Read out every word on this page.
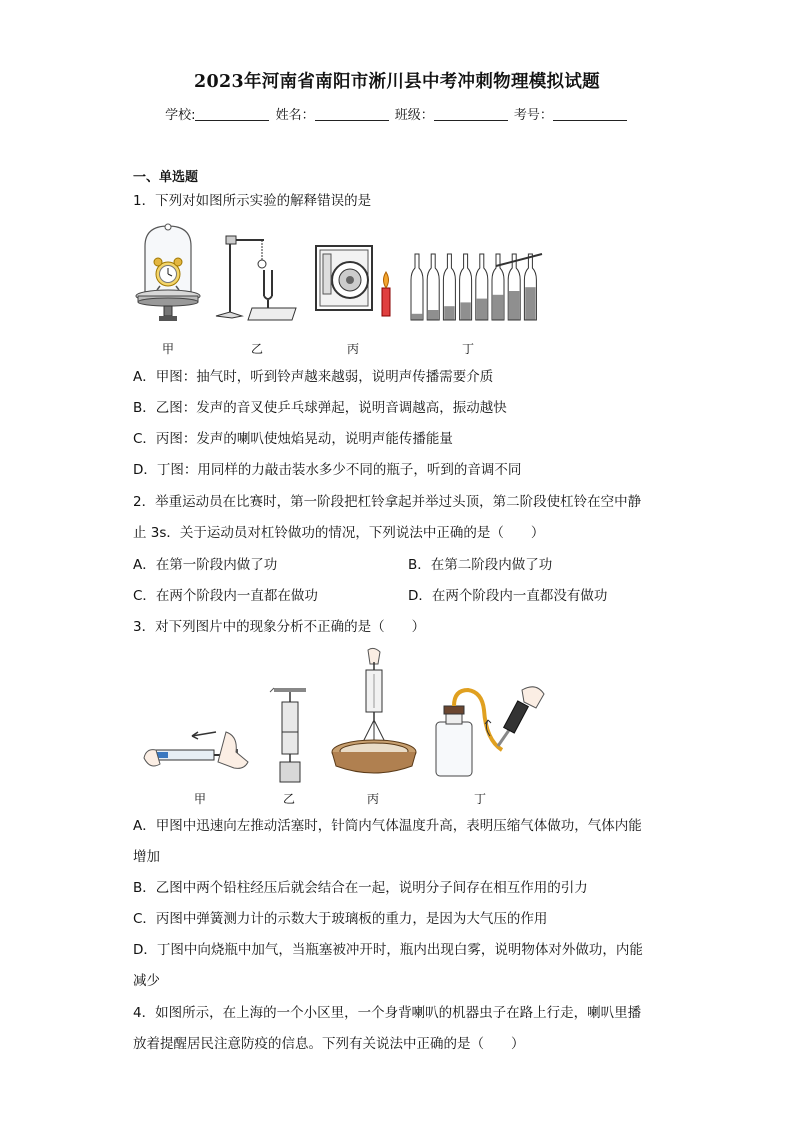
2023年河南省南阳市淅川县中考冲刺物理模拟试题
学校:	姓名：	班级：	考号：
一、单选题
1．下列对如图所示实验的解释错误的是
甲	乙	丙	丁
A．甲图：抽气时，听到铃声越来越弱，说明声传播需要介质
B．乙图：发声的音叉使乒乓球弹起，说明音调越高，振动越快
C．丙图：发声的喇叭使烛焰晃动，说明声能传播能量
D．丁图：用同样的力敲击装水多少不同的瓶子，听到的音调不同
2．举重运动员在比赛时，第一阶段把杠铃拿起并举过头顶，第二阶段使杠铃在空中静
止 3s．关于运动员对杠铃做功的情况，下列说法中正确的是（　　）
A．在第一阶段内做了功	B．在第二阶段内做了功
C．在两个阶段内一直都在做功	D．在两个阶段内一直都没有做功
3．对下列图片中的现象分析不正确的是（　　）
甲	乙	丙	丁
A．甲图中迅速向左推动活塞时，针筒内气体温度升高，表明压缩气体做功，气体内能
增加
B．乙图中两个铅柱经压后就会结合在一起，说明分子间存在相互作用的引力
C．丙图中弹簧测力计的示数大于玻璃板的重力，是因为大气压的作用
D．丁图中向烧瓶中加气，当瓶塞被冲开时，瓶内出现白雾，说明物体对外做功，内能
减少
4．如图所示，在上海的一个小区里，一个身背喇叭的机器虫子在路上行走，喇叭里播
放着提醒居民注意防疫的信息。下列有关说法中正确的是（　　）
